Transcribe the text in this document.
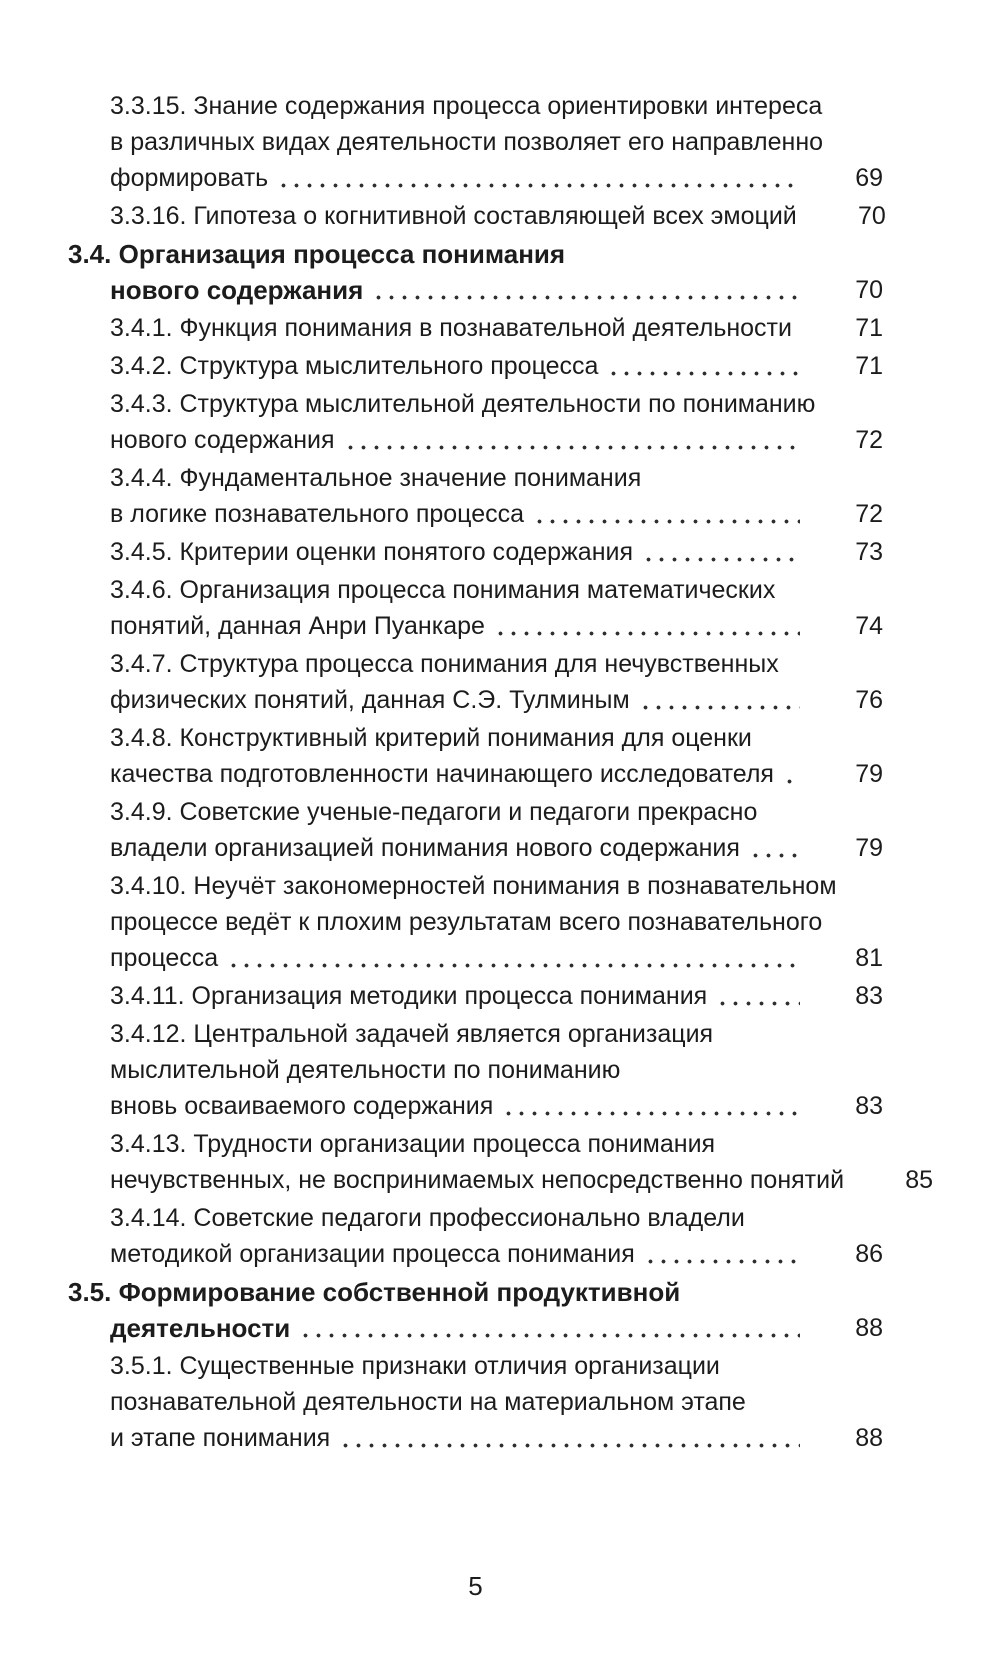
3.3.15. Знание содержания процесса ориентировки интереса
в различных видах деятельности позволяет его направленно
формировать	69
3.3.16. Гипотеза о когнитивной составляющей всех эмоций	70
3.4. Организация процесса понимания
нового содержания	70
3.4.1. Функция понимания в познавательной деятельности	71
3.4.2. Структура мыслительного процесса	71
3.4.3. Структура мыслительной деятельности по пониманию
нового содержания	72
3.4.4. Фундаментальное значение понимания
в логике познавательного процесса	72
3.4.5. Критерии оценки понятого содержания	73
3.4.6. Организация процесса понимания математических
понятий, данная Анри Пуанкаре	74
3.4.7. Структура процесса понимания для нечувственных
физических понятий, данная С.Э. Тулминым	76
3.4.8. Конструктивный критерий понимания для оценки
качества подготовленности начинающего исследователя	79
3.4.9. Советские ученые-педагоги и педагоги прекрасно
владели организацией понимания нового содержания	79
3.4.10. Неучёт закономерностей понимания в познавательном
процессе ведёт к плохим результатам всего познавательного
процесса	81
3.4.11. Организация методики процесса понимания	83
3.4.12. Центральной задачей является организация
мыслительной деятельности по пониманию
вновь осваиваемого содержания	83
3.4.13. Трудности организации процесса понимания
нечувственных, не воспринимаемых непосредственно понятий	85
3.4.14. Советские педагоги профессионально владели
методикой организации процесса понимания	86
3.5. Формирование собственной продуктивной
деятельности	88
3.5.1. Существенные признаки отличия организации
познавательной деятельности на материальном этапе
и этапе понимания	88
5
